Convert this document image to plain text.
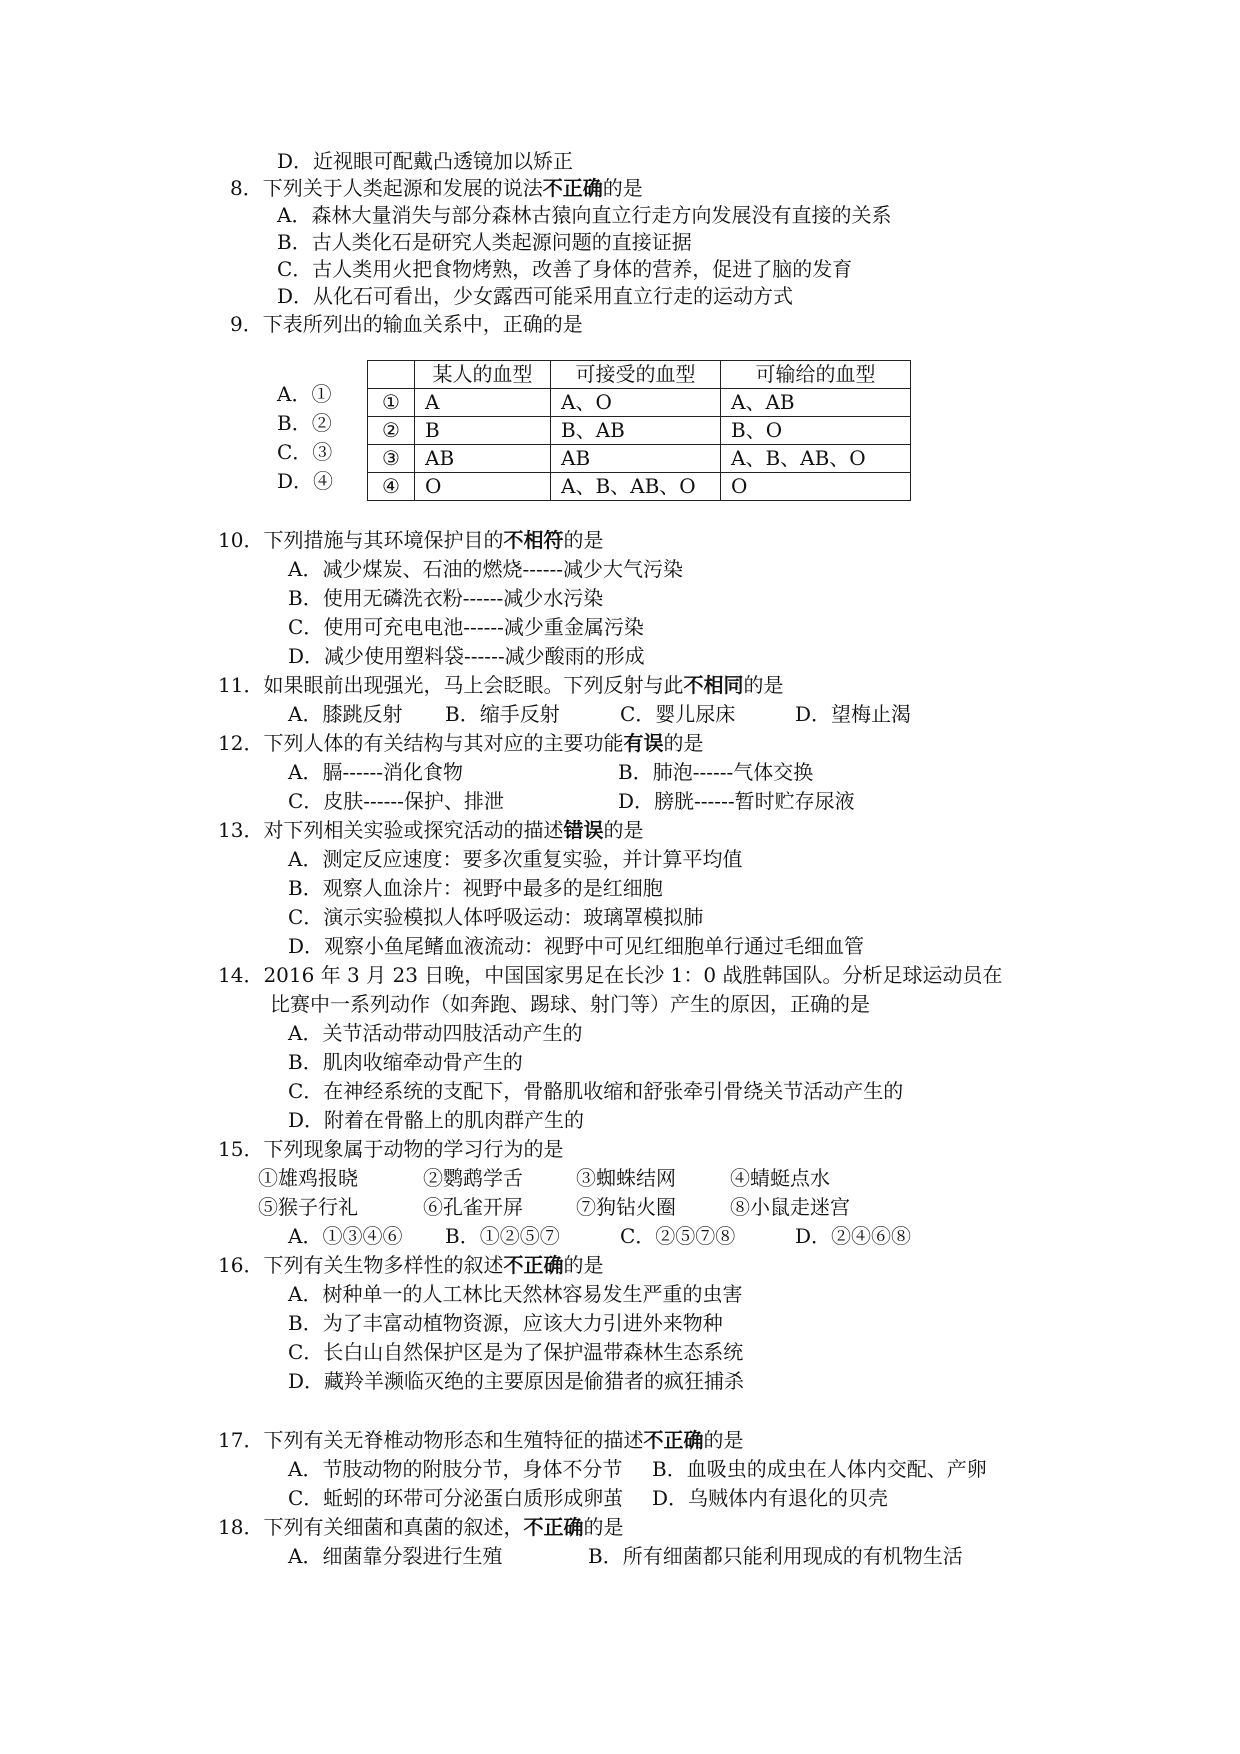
D．近视眼可配戴凸透镜加以矫正
8．下列关于人类起源和发展的说法不正确的是
A．森林大量消失与部分森林古猿向直立行走方向发展没有直接的关系
B．古人类化石是研究人类起源问题的直接证据
C．古人类用火把食物烤熟，改善了身体的营养，促进了脑的发育
D．从化石可看出，少女露西可能采用直立行走的运动方式
9．下表所列出的输血关系中，正确的是
A．①
B．②
C．③
D．④
	某人的血型	可接受的血型	可输给的血型
①	A	A、O	A、AB
②	B	B、AB	B、O
③	AB	AB	A、B、AB、O
④	O	A、B、AB、O	O
10．下列措施与其环境保护目的不相符的是
A．减少煤炭、石油的燃烧------减少大气污染
B．使用无磷洗衣粉------减少水污染
C．使用可充电电池------减少重金属污染
D．减少使用塑料袋------减少酸雨的形成
11．如果眼前出现强光，马上会眨眼。下列反射与此不相同的是
A．膝跳反射 B．缩手反射	C．婴儿尿床	D．望梅止渴
12．下列人体的有关结构与其对应的主要功能有误的是
A．膈------消化食物	B．肺泡------气体交换
C．皮肤------保护、排泄	D．膀胱------暂时贮存尿液
13．对下列相关实验或探究活动的描述错误的是
A．测定反应速度：要多次重复实验，并计算平均值
B．观察人血涂片：视野中最多的是红细胞
C．演示实验模拟人体呼吸运动：玻璃罩模拟肺
D．观察小鱼尾鳍血液流动：视野中可见红细胞单行通过毛细血管
14．2016 年 3 月 23 日晚，中国国家男足在长沙 1：0 战胜韩国队。分析足球运动员在
比赛中一系列动作（如奔跑、踢球、射门等）产生的原因，正确的是
A．关节活动带动四肢活动产生的
B．肌肉收缩牵动骨产生的
C．在神经系统的支配下，骨骼肌收缩和舒张牵引骨绕关节活动产生的
D．附着在骨骼上的肌肉群产生的
15．下列现象属于动物的学习行为的是
①雄鸡报晓	②鹦鹉学舌	③蜘蛛结网	④蜻蜓点水
⑤猴子行礼	⑥孔雀开屏	⑦狗钻火圈	⑧小鼠走迷宫
A．①③④⑥ B．①②⑤⑦	C．②⑤⑦⑧	D．②④⑥⑧
16．下列有关生物多样性的叙述不正确的是
A．树种单一的人工林比天然林容易发生严重的虫害
B．为了丰富动植物资源，应该大力引进外来物种
C．长白山自然保护区是为了保护温带森林生态系统
D．藏羚羊濒临灭绝的主要原因是偷猎者的疯狂捕杀
17．下列有关无脊椎动物形态和生殖特征的描述不正确的是
A．节肢动物的附肢分节，身体不分节 B．血吸虫的成虫在人体内交配、产卵
C．蚯蚓的环带可分泌蛋白质形成卵茧 D．乌贼体内有退化的贝壳
18．下列有关细菌和真菌的叙述，不正确的是
A．细菌靠分裂进行生殖	B．所有细菌都只能利用现成的有机物生活
